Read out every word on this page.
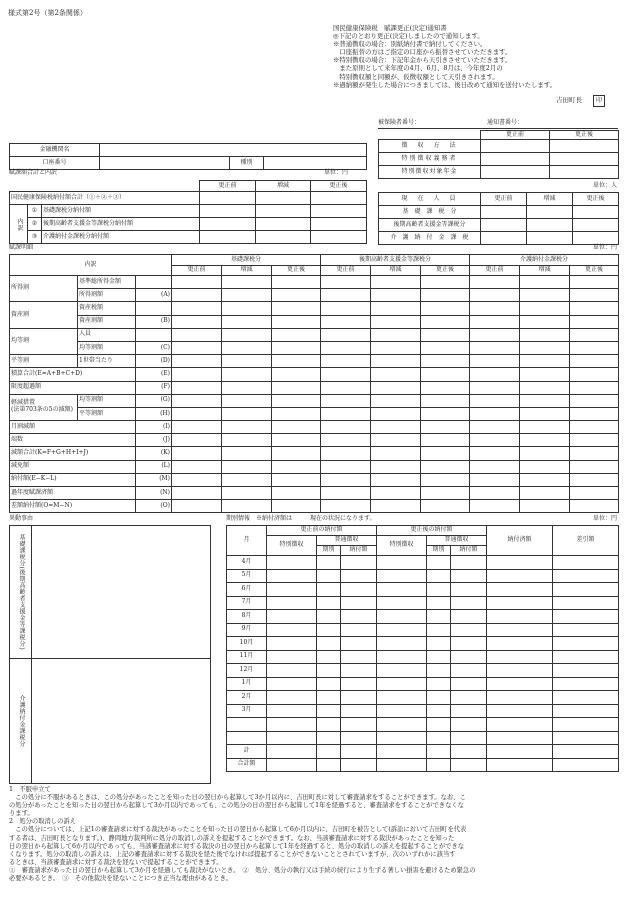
様式第2号（第2条関係）
国民健康保険税　賦課更正(決定)通知書
◎下記のとおり更正(決定)しましたので通知します。
※普通徴収の場合：別紙納付書で納付してください。
　口座振替の方はご指定の口座から振替させていただきます。
※特別徴収の場合：下記年金から天引きさせていただきます。
　また原則として来年度の4月、6月、8月は、今年度2月の
　特別徴収額と同額が、仮徴収額として天引きされます。
※過納額が発生した場合につきましては、後日改めて通知を送付いたします。
吉田町長	印
被保険者番号：	通知書番号：
	更正前	更正後
徴　収　方　法		
特別徴収義務者		
特別徴収対象年金		
金融機関名			
口座番号		種別	
賦課額合計と内訳	単位：円
			更正前	増減	更正後
国民健康保険税納付額合計（①＋②＋③）					
内訳	①	基礎課税分納付額			
	②	後期高齢者支援金等課税分納付額			
	③	介護納付金課税分納付額			
単位：人
現　在　人　員	更正前	増減	更正後
基　礎　課　税　分			
後期高齢者支援金等課税分			
介　護　納　付　金　課　税			
賦課明細	単位：円
内訳			基礎課税分			後期高齢者支援金等課税分			介護納付金課税分		
			更正前	増減	更正後	更正前	増減	更正後	更正前	増減	更正後
所得割	基準総所得金額										
	所得割額	(A)									
資産割	資産税額										
	資産割額	(B)									
均等割	人員										
	均等割額	(C)									
平等割	1世帯当たり	(D)									
積算合計(E=A+B+C+D)		(E)									
限度超過額		(F)									
軽減措置
(法第703条の5の減額)	均等割額	(G)									
	平等割額	(H)									
月割減額		(I)									
端数		(J)									
減額合計(K=F+G+H+I+J)		(K)									
減免額		(L)									
納付額(E−K−L)		(M)									
過年度賦課済額		(N)									
差額納付額(O=M−N)		(O)									
異動事由
基礎課税分(後期高齢者支援金等課税分)	
介護納付金課税分	
期別情報　※納付済額は　　　現在の状況になります。	単位：円
月	更正前の納付額			更正後の納付額			納付済額	差引額
	特別徴収	普通徴収		特別徴収	普通徴収			
		期別	納付額		期別	納付額		
4月								
5月								
6月								
7月								
8月								
9月								
10月								
11月								
12月								
1月								
2月								
3月								

計								
合計額								
1　不服申立て
　この処分に不服があるときは、この処分があったことを知った日の翌日から起算して3か月以内に、吉田町長に対して審査請求をすることができます。なお、こ
の処分があったことを知った日の翌日から起算して3か月以内であっても、この処分の日の翌日から起算して1年を経過すると、審査請求をすることができなくな
ります。
2　処分の取消しの訴え
　この処分については、上記1の審査請求に対する裁決があったことを知った日の翌日から起算して6か月以内に、吉田町を被告として(訴訟において吉田町を代表
する者は、吉田町長となります。)、静岡地方裁判所に処分の取消しの訴えを提起することができます。なお、当該審査請求に対する裁決があったことを知った
日の翌日から起算して6か月以内であっても、当該審査請求に対する裁決の日の翌日から起算して1年を経過すると、処分の取消しの訴えを提起することができな
くなります。処分の取消しの訴えは、上記の審査請求に対する裁決を経た後でなければ提起することができないこととされていますが、次のいずれかに該当す
るときは、当該審査請求に対する裁決を経ないで提起することができます。
①　審査請求があった日の翌日から起算して3か月を経過しても裁決がないとき。　②　処分、処分の執行又は手続の続行により生ずる著しい損害を避けるため緊急の
必要があるとき。　③　その他裁決を経ないことにつき正当な理由があるとき。
